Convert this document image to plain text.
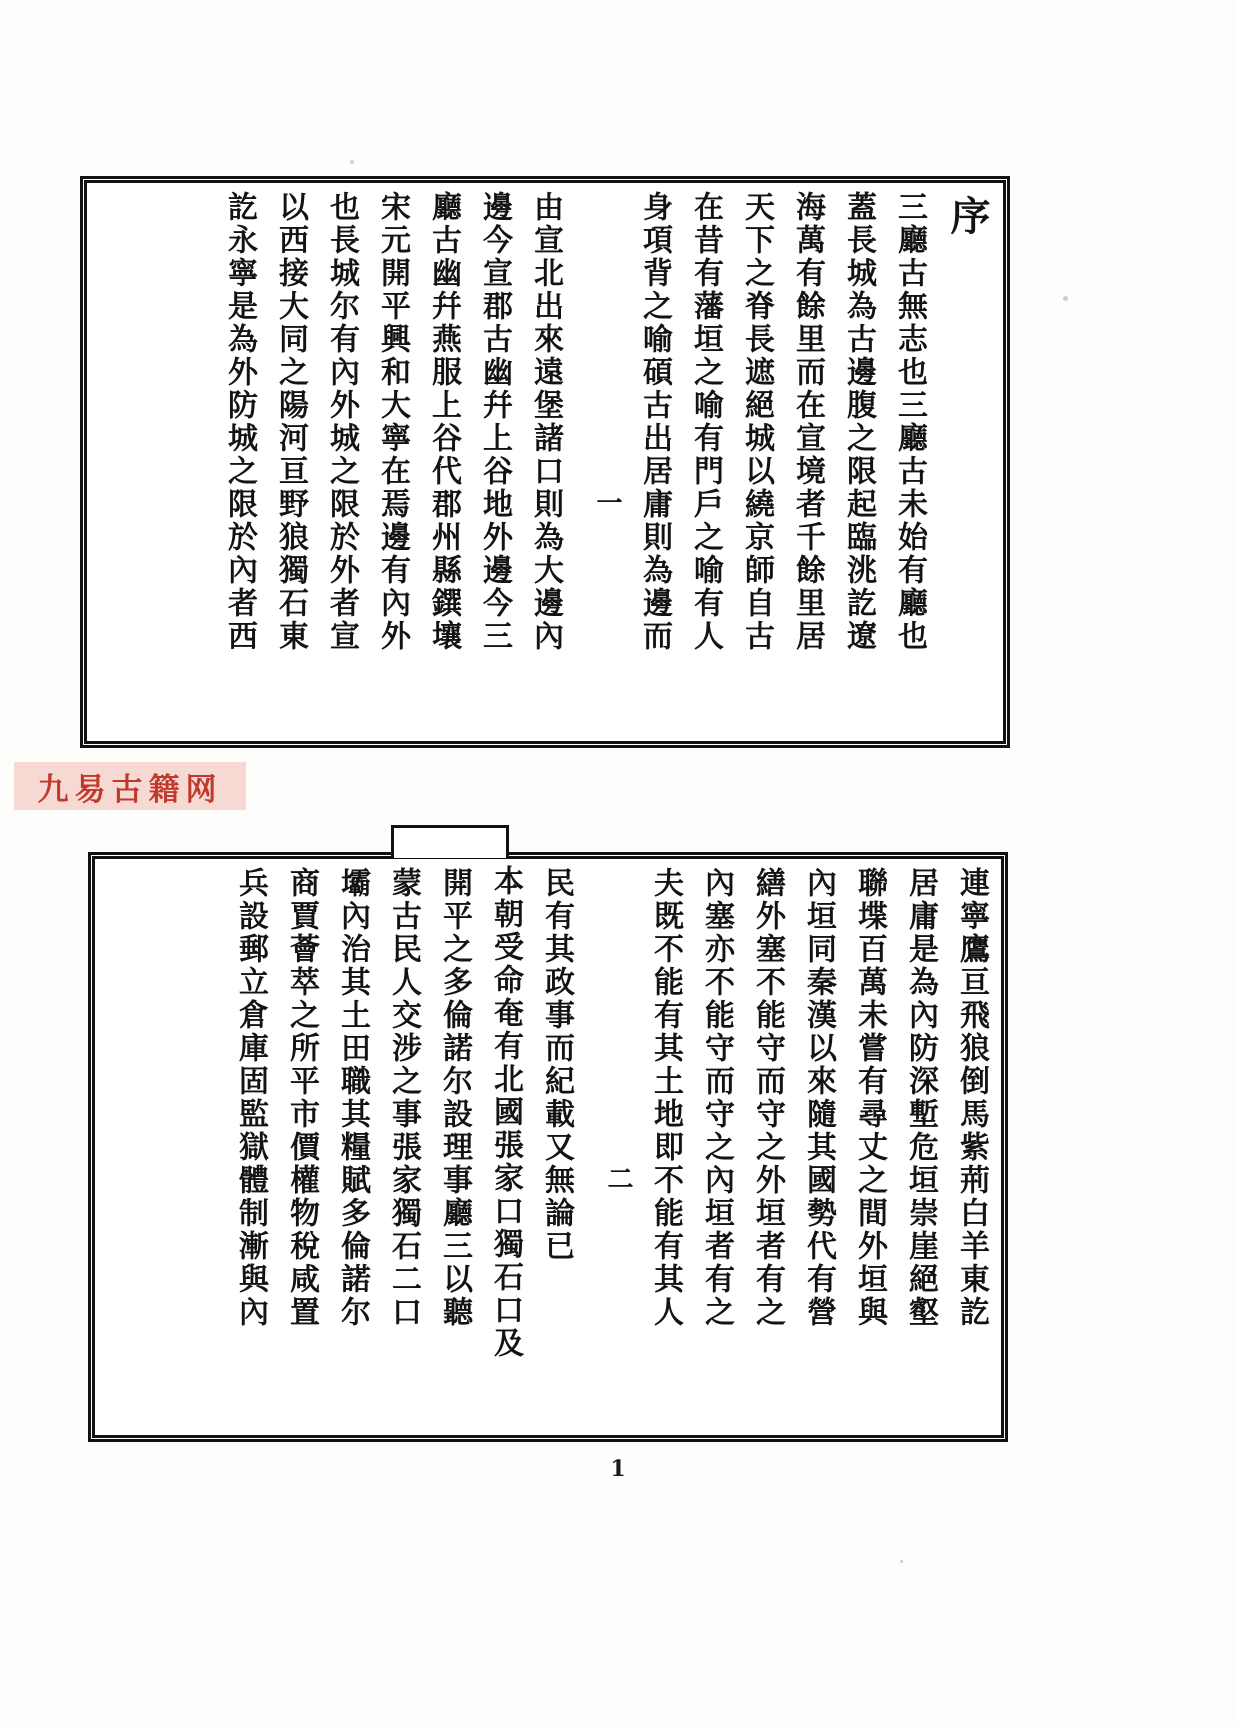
序
三廳古無志也三廳古未始有廳也
蓋長城為古邊腹之限起臨洮訖遼
海萬有餘里而在宣境者千餘里居
天下之脊長遮絕城以繞京師自古
在昔有藩垣之喻有門戶之喻有人
身項背之喻碩古出居庸則為邊而
一
由宣北出來遠堡諸口則為大邊內
邊今宣郡古幽幷上谷地外邊今三
廳古幽幷燕服上谷代郡州縣鐉壤
宋元開平興和大寧在焉邊有內外
也長城尔有內外城之限於外者宣
以西接大同之陽河亘野狼獨石東
訖永寧是為外防城之限於內者西
九易古籍网
連寧鷹亘飛狼倒馬紫荊白羊東訖
居庸是為內防深塹危垣崇崖絕壑
聯堞百萬未嘗有尋丈之間外垣與
內垣同秦漢以來隨其國勢代有營
繕外塞不能守而守之外垣者有之
內塞亦不能守而守之內垣者有之
夫既不能有其土地即不能有其人
二
民有其政事而紀載又無論已
本朝受命奄有北國張家口獨石口及
開平之多倫諾尔設理事廳三以聽
蒙古民人交涉之事張家獨石二口
壩內治其土田職其糧賦多倫諾尔
商賈薈萃之所平市價權物稅咸置
兵設郵立倉庫固監獄體制漸與內
1
